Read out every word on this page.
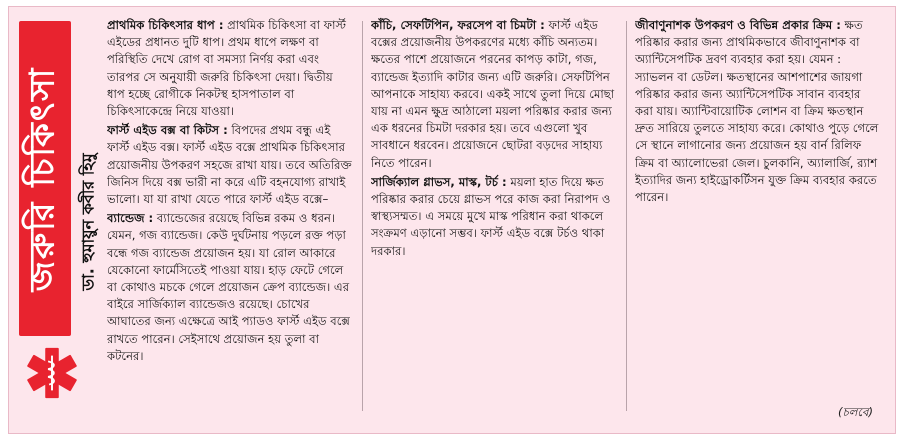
জরুরি চিকিৎসা	ডা. হুমায়ুন কবীর হিমু

প্রাথমিক চিকিৎসার ধাপ : প্রাথমিক চিকিৎসা বা ফার্স্ট এইডের প্রধানত দুটি ধাপ। প্রথম ধাপে লক্ষণ বা পরিস্থিতি দেখে রোগ বা সমস্যা নির্ণয় করা এবং তারপর সে অনুযায়ী জরুরি চিকিৎসা দেয়া। দ্বিতীয় ধাপ হচ্ছে রোগীকে নিকটস্থ হাসপাতাল বা চিকিৎসাকেন্দ্রে নিয়ে যাওয়া।

ফার্স্ট এইড বক্স বা কিটস : বিপদের প্রথম বন্ধু এই ফার্স্ট এইড বক্স। ফার্স্ট এইড বক্সে প্রাথমিক চিকিৎসার প্রয়োজনীয় উপকরণ সহজে রাখা যায়। তবে অতিরিক্ত জিনিস দিয়ে বক্স ভারী না করে এটি বহনযোগ্য রাখাই ভালো। যা যা রাখা যেতে পারে ফার্স্ট এইড বক্সে–

ব্যান্ডেজ : ব্যান্ডেজের রয়েছে বিভিন্ন রকম ও ধরন। যেমন, গজ ব্যান্ডেজ। কেউ দুর্ঘটনায় পড়লে রক্ত পড়া বন্ধে গজ ব্যান্ডেজ প্রয়োজন হয়। যা রোল আকারে যেকোনো ফার্মেসিতেই পাওয়া যায়। হাড় ফেটে গেলে বা কোথাও মচকে গেলে প্রয়োজন ক্রেপ ব্যান্ডেজ। এর বাইরে সার্জিক্যাল ব্যান্ডেজও রয়েছে। চোখের আঘাতের জন্য এক্ষেত্রে আই প্যাডও ফার্স্ট এইড বক্সে রাখতে পারেন। সেইসাথে প্রয়োজন হয় তুলা বা কটনের।

কাঁচি, সেফটিপিন, ফরসেপ বা চিমটা : ফার্স্ট এইড বক্সের প্রয়োজনীয় উপকরণের মধ্যে কাঁচি অন্যতম। ক্ষতের পাশে প্রয়োজনে পরনের কাপড় কাটা, গজ, ব্যান্ডেজ ইত্যাদি কাটার জন্য এটি জরুরি। সেফটিপিন আপনাকে সাহায্য করবে। একই সাথে তুলা দিয়ে মোছা যায় না এমন ক্ষুদ্র আঠালো ময়লা পরিষ্কার করার জন্য এক ধরনের চিমটা দরকার হয়। তবে এগুলো খুব সাবধানে ধরবেন। প্রয়োজনে ছোটরা বড়দের সাহায্য নিতে পারেন।

সার্জিক্যাল গ্লাভস, মাস্ক, টর্চ : ময়লা হাত দিয়ে ক্ষত পরিষ্কার করার চেয়ে গ্লাভস পরে কাজ করা নিরাপদ ও স্বাস্থ্যসম্মত। এ সময়ে মুখে মাস্ক পরিধান করা থাকলে সংক্রমণ এড়ানো সম্ভব। ফার্স্ট এইড বক্সে টর্চও থাকা দরকার।

জীবাণুনাশক উপকরণ ও বিভিন্ন প্রকার ক্রিম : ক্ষত পরিষ্কার করার জন্য প্রাথমিকভাবে জীবাণুনাশক বা অ্যান্টিসেপটিক দ্রবণ ব্যবহার করা হয়। যেমন : স্যাভলন বা ডেটল। ক্ষতস্থানের আশপাশের জায়গা পরিষ্কার করার জন্য অ্যান্টিসেপটিক সাবান ব্যবহার করা যায়। অ্যান্টিবায়োটিক লোশন বা ক্রিম ক্ষতস্থান দ্রুত সারিয়ে তুলতে সাহায্য করে। কোথাও পুড়ে গেলে সে স্থানে লাগানোর জন্য প্রয়োজন হয় বার্ন রিলিফ ক্রিম বা অ্যালোভেরা জেল। চুলকানি, অ্যালার্জি, র‍্যাশ ইত্যাদির জন্য হাইড্রোকর্টিসন যুক্ত ক্রিম ব্যবহার করতে পারেন।

(চলবে)
